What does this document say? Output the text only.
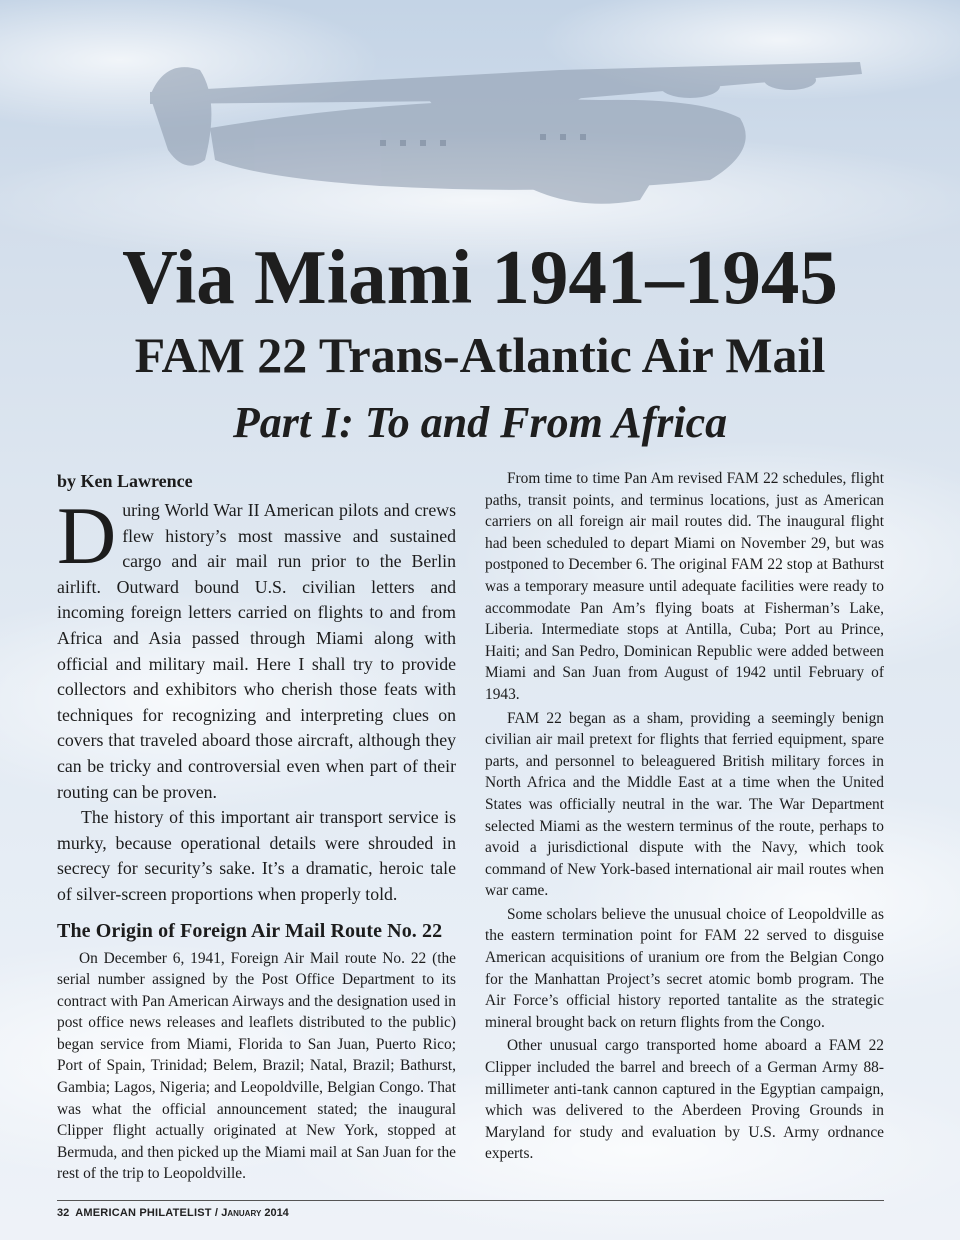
Via Miami 1941–1945
FAM 22 Trans-Atlantic Air Mail
Part I: To and From Africa
by Ken Lawrence

During World War II American pilots and crews flew history’s most massive and sustained cargo and air mail run prior to the Berlin airlift. Outward bound U.S. civilian letters and incoming foreign letters carried on flights to and from Africa and Asia passed through Miami along with official and military mail. Here I shall try to provide collectors and exhibitors who cherish those feats with techniques for recognizing and interpreting clues on covers that traveled aboard those aircraft, although they can be tricky and controversial even when part of their routing can be proven.

The history of this important air transport service is murky, because operational details were shrouded in secrecy for security’s sake. It’s a dramatic, heroic tale of silver-screen proportions when properly told.

The Origin of Foreign Air Mail Route No. 22

On December 6, 1941, Foreign Air Mail route No. 22 (the serial number assigned by the Post Office Department to its contract with Pan American Airways and the designation used in post office news releases and leaflets distributed to the public) began service from Miami, Florida to San Juan, Puerto Rico; Port of Spain, Trinidad; Belem, Brazil; Natal, Brazil; Bathurst, Gambia; Lagos, Nigeria; and Leopoldville, Belgian Congo. That was what the official announcement stated; the inaugural Clipper flight actually originated at New York, stopped at Bermuda, and then picked up the Miami mail at San Juan for the rest of the trip to Leopoldville.

From time to time Pan Am revised FAM 22 schedules, flight paths, transit points, and terminus locations, just as American carriers on all foreign air mail routes did. The inaugural flight had been scheduled to depart Miami on November 29, but was postponed to December 6. The original FAM 22 stop at Bathurst was a temporary measure until adequate facilities were ready to accommodate Pan Am’s flying boats at Fisherman’s Lake, Liberia. Intermediate stops at Antilla, Cuba; Port au Prince, Haiti; and San Pedro, Dominican Republic were added between Miami and San Juan from August of 1942 until February of 1943.

FAM 22 began as a sham, providing a seemingly benign civilian air mail pretext for flights that ferried equipment, spare parts, and personnel to beleaguered British military forces in North Africa and the Middle East at a time when the United States was officially neutral in the war. The War Department selected Miami as the western terminus of the route, perhaps to avoid a jurisdictional dispute with the Navy, which took command of New York-based international air mail routes when war came.

Some scholars believe the unusual choice of Leopoldville as the eastern termination point for FAM 22 served to disguise American acquisitions of uranium ore from the Belgian Congo for the Manhattan Project’s secret atomic bomb program. The Air Force’s official history reported tantalite as the strategic mineral brought back on return flights from the Congo.

Other unusual cargo transported home aboard a FAM 22 Clipper included the barrel and breech of a German Army 88-millimeter anti-tank cannon captured in the Egyptian campaign, which was delivered to the Aberdeen Proving Grounds in Maryland for study and evaluation by U.S. Army ordnance experts.

32 AMERICAN PHILATELIST / January 2014
